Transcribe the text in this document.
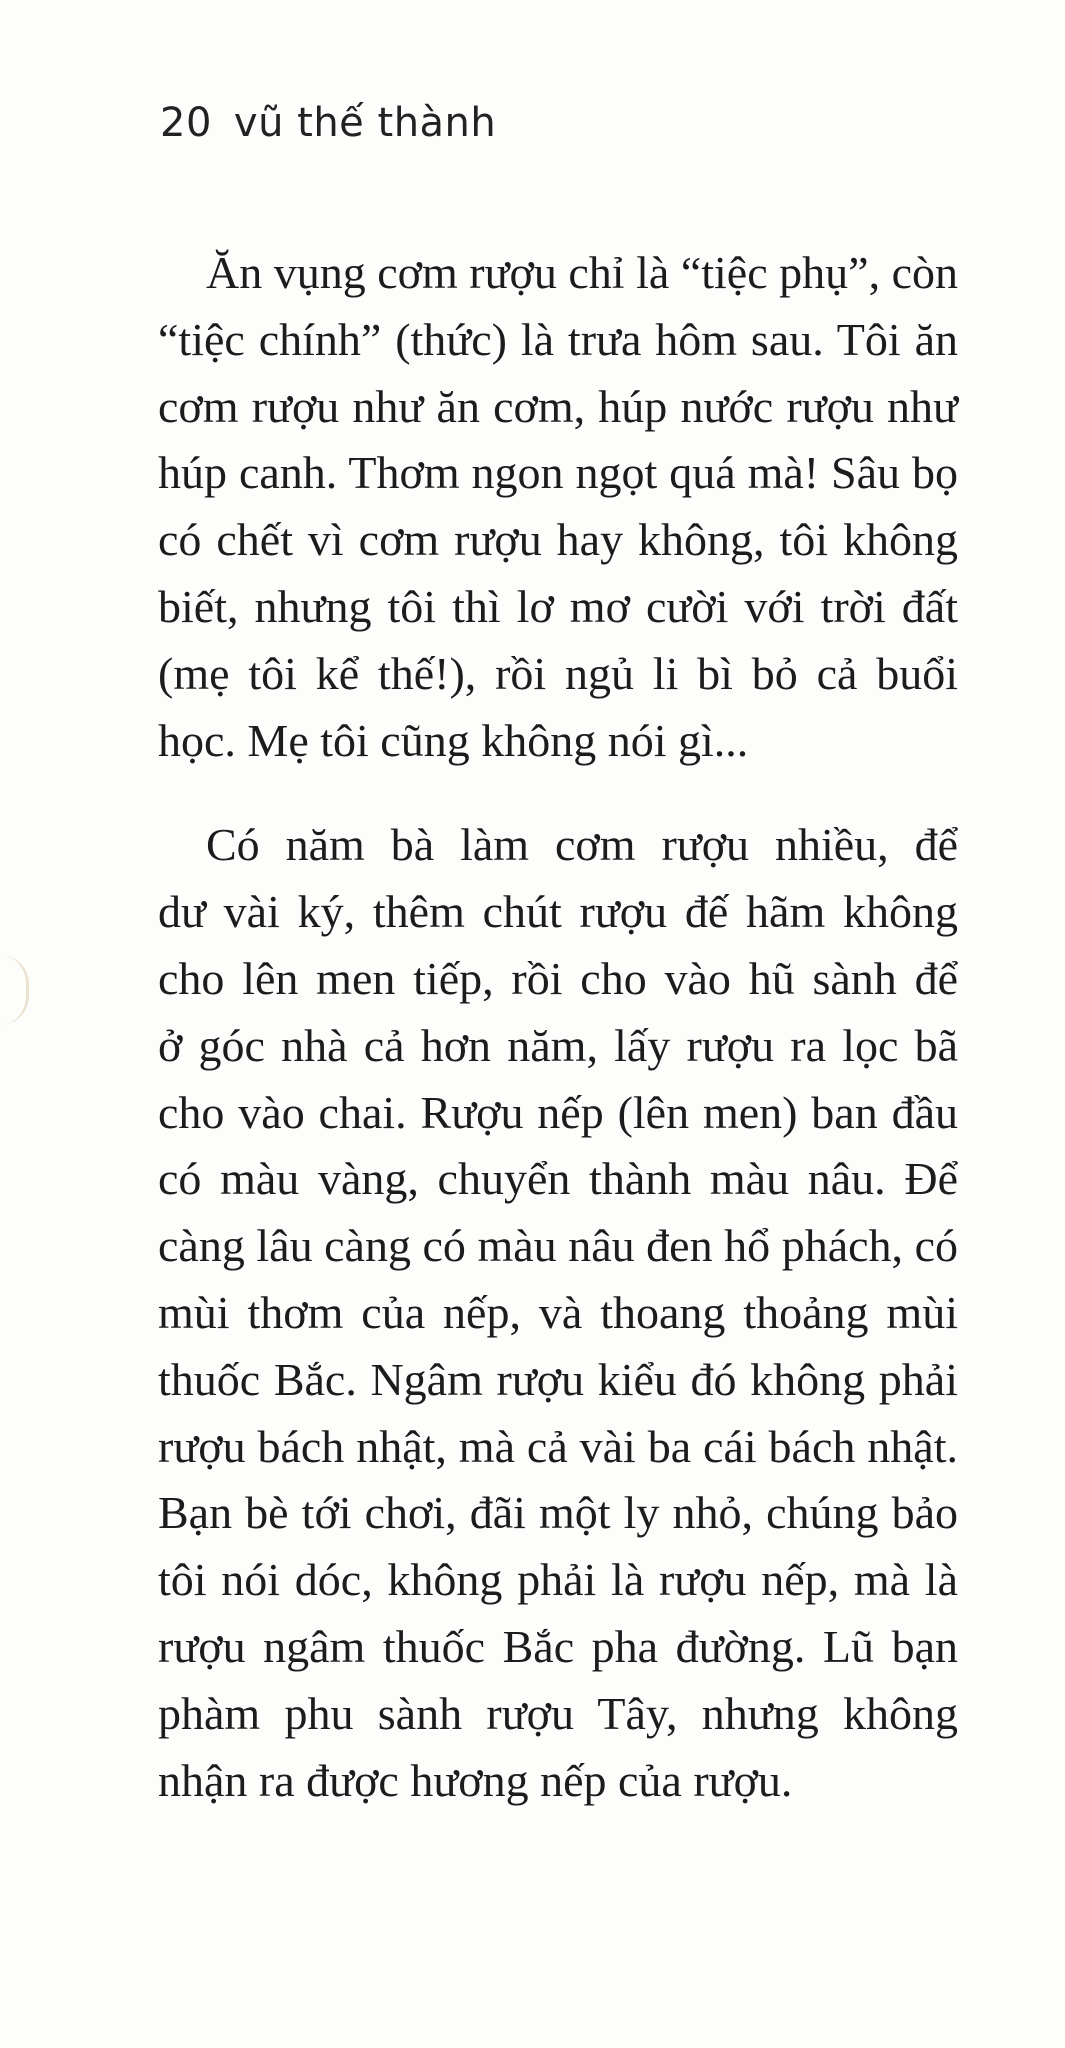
20 vũ thế thành
Ăn vụng cơm rượu chỉ là “tiệc phụ”, còn
“tiệc chính” (thức) là trưa hôm sau. Tôi ăn
cơm rượu như ăn cơm, húp nước rượu như
húp canh. Thơm ngon ngọt quá mà! Sâu bọ
có chết vì cơm rượu hay không, tôi không
biết, nhưng tôi thì lơ mơ cười với trời đất
(mẹ tôi kể thế!), rồi ngủ li bì bỏ cả buổi
học. Mẹ tôi cũng không nói gì...
Có năm bà làm cơm rượu nhiều, để
dư vài ký, thêm chút rượu đế hãm không
cho lên men tiếp, rồi cho vào hũ sành để
ở góc nhà cả hơn năm, lấy rượu ra lọc bã
cho vào chai. Rượu nếp (lên men) ban đầu
có màu vàng, chuyển thành màu nâu. Để
càng lâu càng có màu nâu đen hổ phách, có
mùi thơm của nếp, và thoang thoảng mùi
thuốc Bắc. Ngâm rượu kiểu đó không phải
rượu bách nhật, mà cả vài ba cái bách nhật.
Bạn bè tới chơi, đãi một ly nhỏ, chúng bảo
tôi nói dóc, không phải là rượu nếp, mà là
rượu ngâm thuốc Bắc pha đường. Lũ bạn
phàm phu sành rượu Tây, nhưng không
nhận ra được hương nếp của rượu.
